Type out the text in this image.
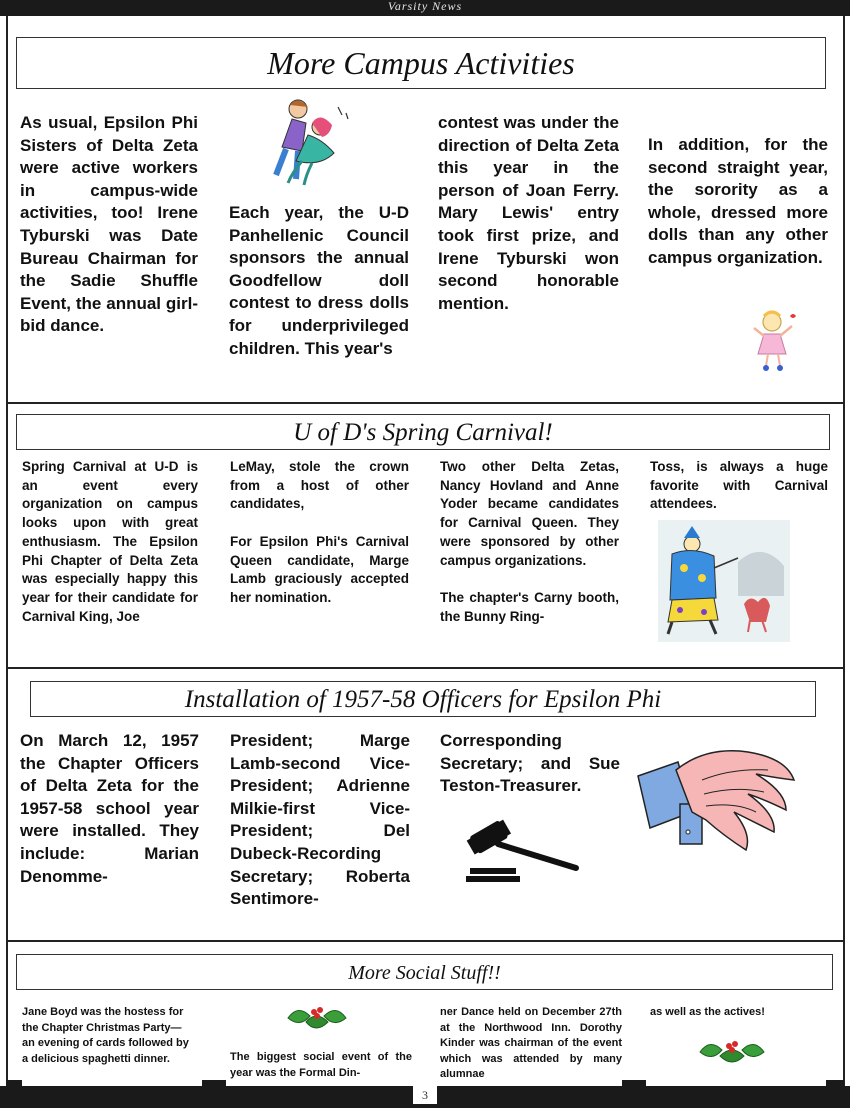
Varsity News
More Campus Activities

As usual, Epsilon Phi Sisters of Delta Zeta were active workers in campus-wide activities, too! Irene Tyburski was Date Bureau Chairman for the Sadie Shuffle Event, the annual girl-bid dance.

Each year, the U-D Panhellenic Council sponsors the annual Goodfellow doll contest to dress dolls for underprivileged children. This year's

contest was under the direction of Delta Zeta this year in the person of Joan Ferry. Mary Lewis' entry took first prize, and Irene Tyburski won second honorable mention.

In addition, for the second straight year, the sorority as a whole, dressed more dolls than any other campus organization.

U of D's Spring Carnival!

Spring Carnival at U-D is an event every organization on campus looks upon with great enthusiasm. The Epsilon Phi Chapter of Delta Zeta was especially happy this year for their candidate for Carnival King, Joe

LeMay, stole the crown from a host of other candidates,

For Epsilon Phi's Carnival Queen candidate, Marge Lamb graciously accepted her nomination.

Two other Delta Zetas, Nancy Hovland and Anne Yoder became candidates for Carnival Queen. They were sponsored by other campus organizations.

The chapter's Carny booth, the Bunny Ring-

Toss, is always a huge favorite with Carnival attendees.

Installation of 1957-58 Officers for Epsilon Phi

On March 12, 1957 the Chapter Officers of Delta Zeta for the 1957-58 school year were installed. They include: Marian Denomme-

President; Marge Lamb-second Vice-President; Adrienne Milkie-first Vice-President; Del Dubeck-Recording Secretary; Roberta Sentimore-

Corresponding Secretary; and Sue Teston-Treasurer.

More Social Stuff!!

Jane Boyd was the hostess for the Chapter Christmas Party—an evening of cards followed by a delicious spaghetti dinner.	The biggest social event of the year was the Formal Din-

ner Dance held on December 27th at the Northwood Inn. Dorothy Kinder was chairman of the event which was attended by many alumnae

as well as the actives!

3
